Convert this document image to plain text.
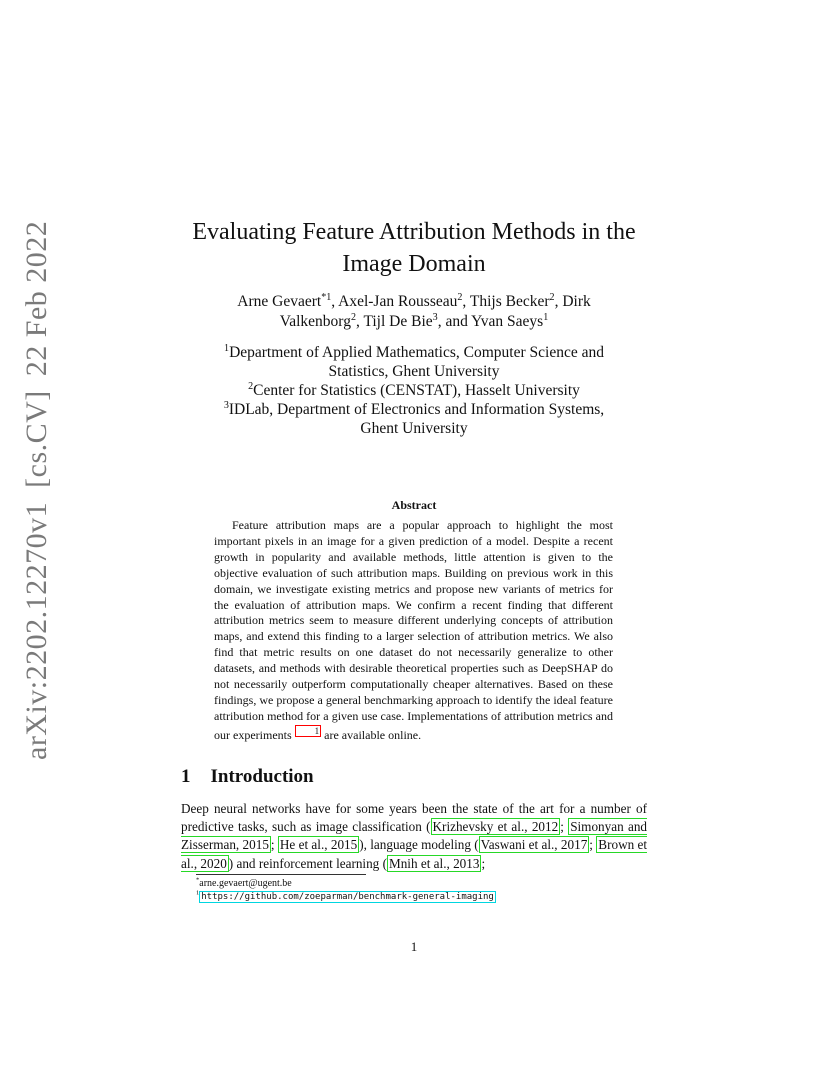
arXiv:2202.12270v1[cs.CV]22 Feb 2022	Evaluating Feature Attribution Methods in the
Image Domain
Arne Gevaert$^{*1}$, Axel-Jan Rousseau$^2$, Thijs Becker$^2$, Dirk
Valkenborg$^2$, Tijl De Bie$^3$, and Yvan Saeys$^1$
$^1$Department of Applied Mathematics, Computer Science and
Statistics, Ghent University
$^2$Center for Statistics (CENSTAT), Hasselt University
$^3$IDLab, Department of Electronics and Information Systems,
Ghent University
Abstract

Feature attribution maps are a popular approach to highlight the most important pixels in an image for a given prediction of a model. Despite a recent growth in popularity and available methods, little attention is given to the objective evaluation of such attribution maps. Building on previous work in this domain, we investigate existing metrics and propose new variants of metrics for the evaluation of attribution maps. We confirm a recent finding that different attribution metrics seem to measure different underlying concepts of attribution maps, and extend this finding to a larger selection of attribution metrics. We also find that metric results on one dataset do not necessarily generalize to other datasets, and methods with desirable theoretical properties such as DeepSHAP do not necessarily outperform computationally cheaper alternatives. Based on these findings, we propose a general benchmarking approach to identify the ideal feature attribution method for a given use case. Implementations of attribution metrics and our experiments	1 are available online.

1 Introduction

Deep neural networks have for some years been the state of the art for a number of predictive tasks, such as image classification ( Krizhevsky et al., 2012 ; Simonyan and Zisserman, 2015 ; He et al., 2015 ), language modeling ( Vaswani et al., 2017 ; Brown et al., 2020 ) and reinforcement learning ( Mnih et al., 2013 ;

*arne.gevaert@ugent.be
$^1$ https://github.com/zoeparman/benchmark-general-imaging
1
